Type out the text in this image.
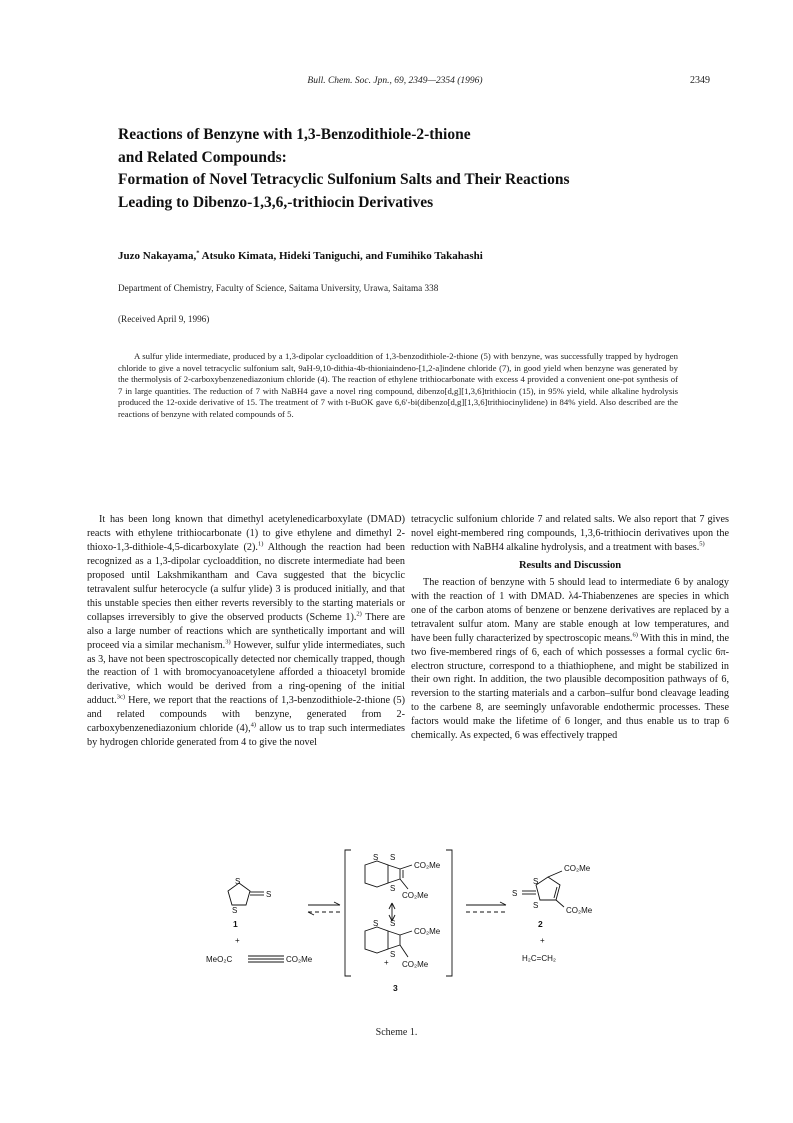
Bull. Chem. Soc. Jpn., 69, 2349—2354 (1996)	2349
Reactions of Benzyne with 1,3-Benzodithiole-2-thione
and Related Compounds:
Formation of Novel Tetracyclic Sulfonium Salts and Their Reactions
Leading to Dibenzo-1,3,6,-trithiocin Derivatives
Juzo Nakayama,* Atsuko Kimata, Hideki Taniguchi, and Fumihiko Takahashi
Department of Chemistry, Faculty of Science, Saitama University, Urawa, Saitama 338
(Received April 9, 1996)
A sulfur ylide intermediate, produced by a 1,3-dipolar cycloaddition of 1,3-benzodithiole-2-thione (5) with benzyne, was successfully trapped by hydrogen chloride to give a novel tetracyclic sulfonium salt, 9aH-9,10-dithia-4b-thioniaindeno-[1,2-a]indene chloride (7), in good yield when benzyne was generated by the thermolysis of 2-carboxybenzenediazonium chloride (4). The reaction of ethylene trithiocarbonate with excess 4 provided a convenient one-pot synthesis of 7 in large quantities. The reduction of 7 with NaBH4 gave a novel ring compound, dibenzo[d,g][1,3,6]trithiocin (15), in 95% yield, while alkaline hydrolysis produced the 12-oxide derivative of 15. The treatment of 7 with t-BuOK gave 6,6′-bi(dibenzo[d,g][1,3,6]trithiocinylidene) in 84% yield. Also described are the reactions of benzyne with related compounds of 5.

It has been long known that dimethyl acetylenedicarboxylate (DMAD) reacts with ethylene trithiocarbonate (1) to give ethylene and dimethyl 2-thioxo-1,3-dithiole-4,5-dicarboxylate (2).$^{1)}$ Although the reaction had been recognized as a 1,3-dipolar cycloaddition, no discrete intermediate had been proposed until Lakshmikantham and Cava suggested that the bicyclic tetravalent sulfur heterocycle (a sulfur ylide) 3 is produced initially, and that this unstable species then either reverts reversibly to the starting materials or collapses irreversibly to give the observed products (Scheme 1).$^{2)}$ There are also a large number of reactions which are synthetically important and will proceed via a similar mechanism.$^{3)}$ However, sulfur ylide intermediates, such as 3, have not been spectroscopically detected nor chemically trapped, though the reaction of 1 with bromocyanoacetylene afforded a thioacetyl bromide derivative, which would be derived from a ring-opening of the initial adduct.$^{3c)}$ Here, we report that the reactions of 1,3-benzodithiole-2-thione (5) and related compounds with benzyne, generated from 2-carboxybenzenediazonium chloride (4),$^{4)}$ allow us to trap such intermediates by hydrogen chloride generated from 4 to give the novel

tetracyclic sulfonium chloride 7 and related salts. We also report that 7 gives novel eight-membered ring compounds, 1,3,6-trithiocin derivatives upon the reduction with NaBH4 alkaline hydrolysis, and a treatment with bases.$^{5)}$

Results and Discussion

The reaction of benzyne with 5 should lead to intermediate 6 by analogy with the reaction of 1 with DMAD. λ4-Thiabenzenes are species in which one of the carbon atoms of benzene or benzene derivatives are replaced by a tetravalent sulfur atom. Many are stable enough at low temperatures, and have been fully characterized by spectroscopic means.$^{6)}$ With this in mind, the two five-membered rings of 6, each of which possesses a formal cyclic 6π-electron structure, correspond to a thiathiophene, and might be stabilized in their own right. In addition, the two plausible decomposition pathways of 6, reversion to the starting materials and a carbon–sulfur bond cleavage leading to the carbene 8, are seemingly unfavorable endothermic processes. These factors would make the lifetime of 6 longer, and thus enable us to trap 6 chemically. As expected, 6 was effectively trapped

S
S
S
1
+
MeO₂C	CO₂Me
S S
S
CO₂Me
CO₂Me
S S
S
CO₂Me
CO₂Me
+
3
S
S
S
CO₂Me
CO₂Me
2
+
H₂C=CH₂
Scheme 1.
